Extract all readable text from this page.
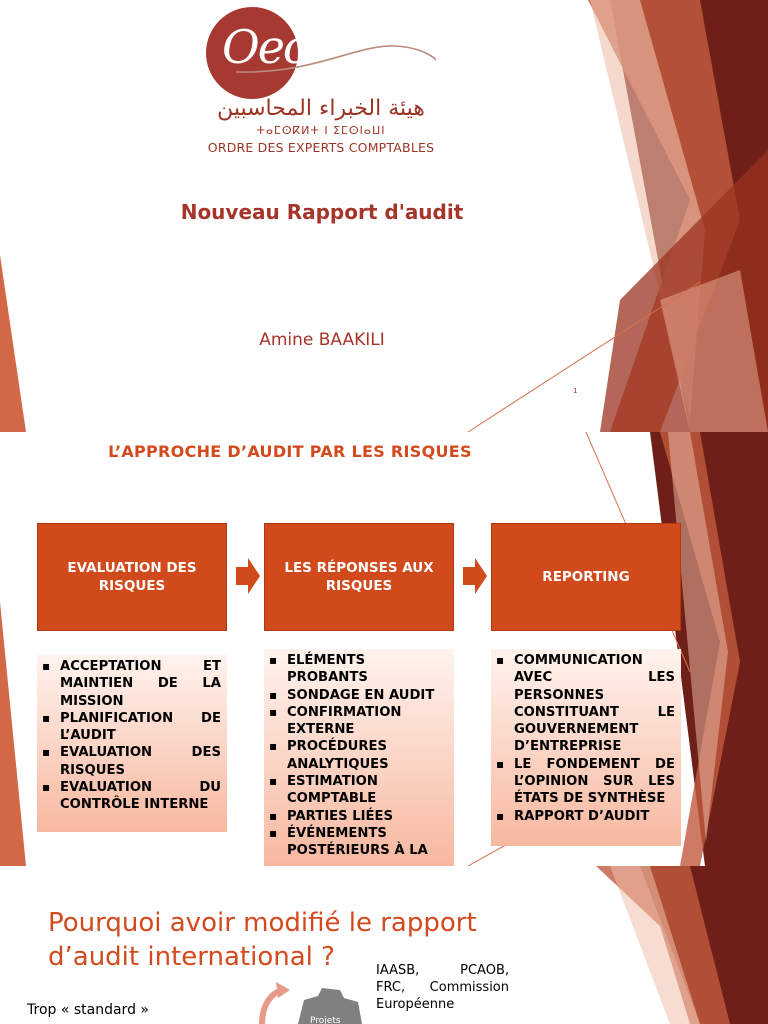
Oec
هيئة الخبراء المحاسبين
ⵜⴰⵎⵙⴽⵍⵜ ⵏ ⵉⵎⵙⵏⴰⵡⵏ
ORDRE DES EXPERTS COMPTABLES
Nouveau Rapport d'audit

Amine BAAKILI

1
L’APPROCHE D’AUDIT PAR LES RISQUES
EVALUATION DES RISQUES
LES RÉPONSES AUX RISQUES
REPORTING
▪ ACCEPTATION ET MAINTIEN DE LA MISSION
▪ PLANIFICATION DE L’AUDIT
▪ EVALUATION DES RISQUES
▪ EVALUATION DU CONTRÔLE INTERNE
▪ ELÉMENTS PROBANTS
▪ SONDAGE EN AUDIT
▪ CONFIRMATION EXTERNE
▪ PROCÉDURES ANALYTIQUES
▪ ESTIMATION COMPTABLE
▪ PARTIES LIÉES
▪ ÉVÉNEMENTS POSTÉRIEURS À LA
▪ COMMUNICATION AVEC LES PERSONNES CONSTITUANT LE GOUVERNEMENT D’ENTREPRISE
▪ LE FONDEMENT DE L’OPINION SUR LES ÉTATS DE SYNTHÈSE
▪ RAPPORT D’AUDIT
Pourquoi avoir modifié le rapport
d’audit international ?	IAASB, PCAOB,
FRC, Commission
Européenne
Trop « standard »
Projets
